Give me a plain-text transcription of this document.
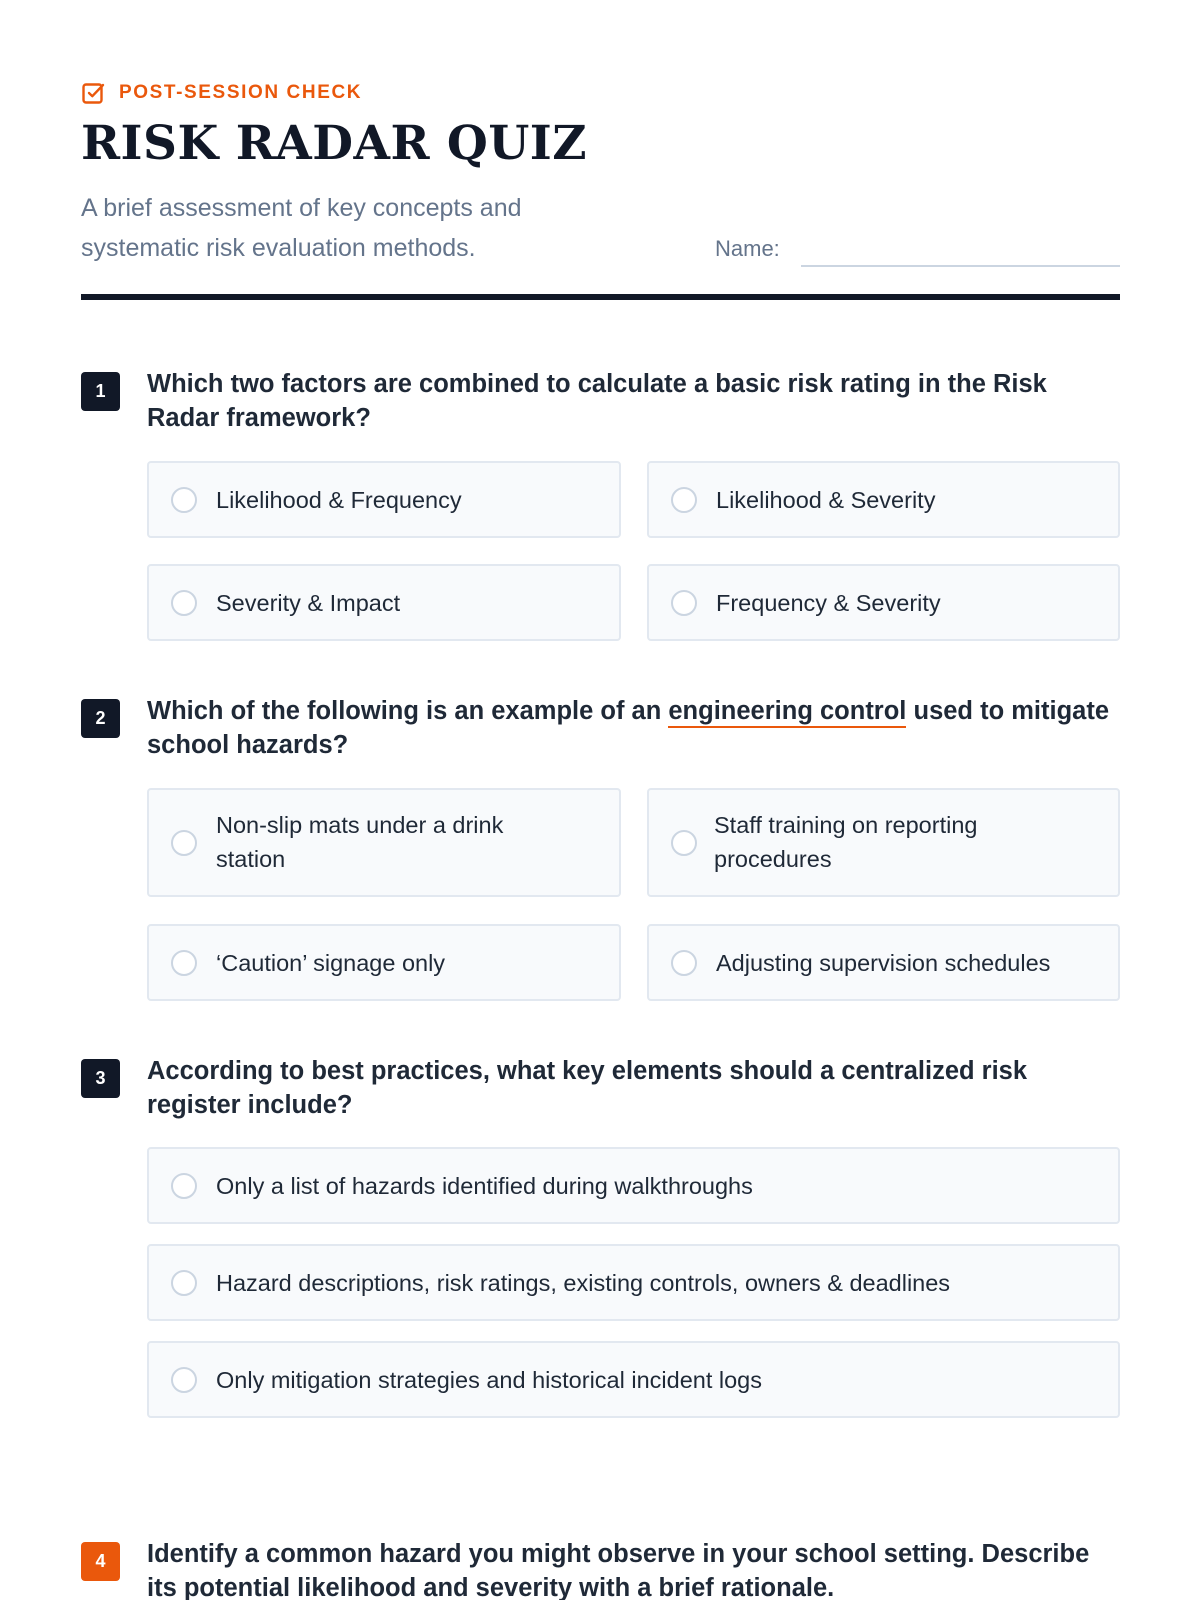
POST-SESSION CHECK
RISK RADAR QUIZ

A brief assessment of key concepts and systematic risk evaluation methods.	Name:
1	Which two factors are combined to calculate a basic risk rating in the Risk Radar framework?
Likelihood & Frequency	Likelihood & Severity
Severity & Impact	Frequency & Severity
2	Which of the following is an example of an engineering control used to mitigate school hazards?
Non-slip mats under a drink station
Staff training on reporting procedures
‘Caution’ signage only	Adjusting supervision schedules
3	According to best practices, what key elements should a centralized risk register include?
Only a list of hazards identified during walkthroughs
Hazard descriptions, risk ratings, existing controls, owners & deadlines
Only mitigation strategies and historical incident logs
4	Identify a common hazard you might observe in your school setting. Describe its potential likelihood and severity with a brief rationale.
